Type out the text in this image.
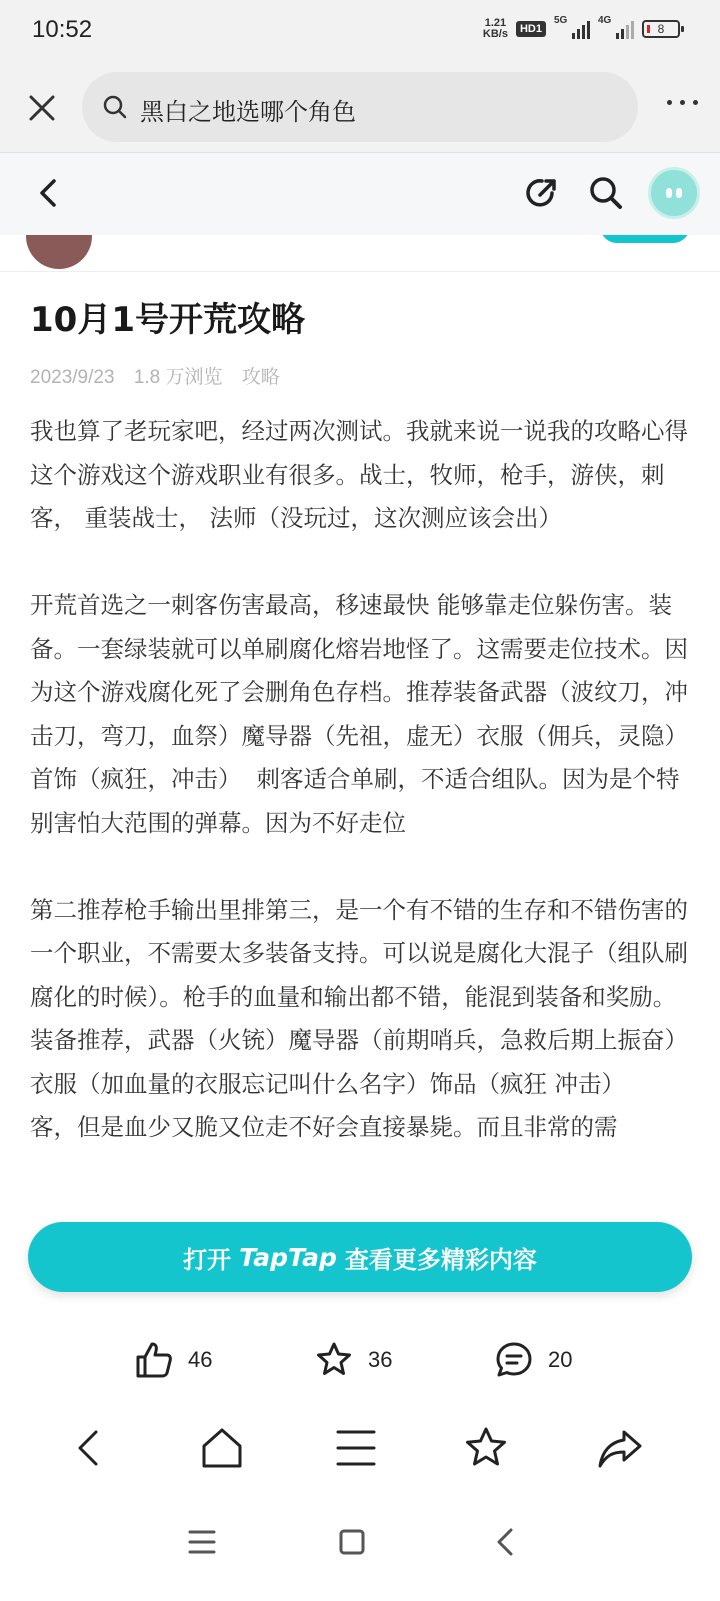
10:52	1.21
KB/s	HD1
5G	4G
8
黑白之地选哪个角色
10月1号开荒攻略
2023/9/23 1.8 万浏览 攻略

我也算了老玩家吧，经过两次测试。我就来说一说我的攻略心得

这个游戏这个游戏职业有很多。战士，牧师，枪手，游侠，刺客， 重装战士， 法师（没玩过，这次测应该会出）

开荒首选之一刺客伤害最高，移速最快 能够靠走位躲伤害。装备。一套绿装就可以单刷腐化熔岩地怪了。这需要走位技术。因为这个游戏腐化死了会删角色存档。推荐装备武器（波纹刀，冲击刀，弯刀，血祭）魔导器（先祖，虚无）衣服（佣兵，灵隐）首饰（疯狂，冲击）  刺客适合单刷，不适合组队。因为是个特别害怕大范围的弹幕。因为不好走位

第二推荐枪手输出里排第三，是一个有不错的生存和不错伤害的一个职业，不需要太多装备支持。可以说是腐化大混子（组队刷腐化的时候）。枪手的血量和输出都不错，能混到装备和奖励。装备推荐，武器（火铳）魔导器（前期哨兵，急救后期上振奋）衣服（加血量的衣服忘记叫什么名字）饰品（疯狂 冲击）

客，但是血少又脆又位走不好会直接暴毙。而且非常的需

打开 TapTap 查看更多精彩内容
46	36	20
